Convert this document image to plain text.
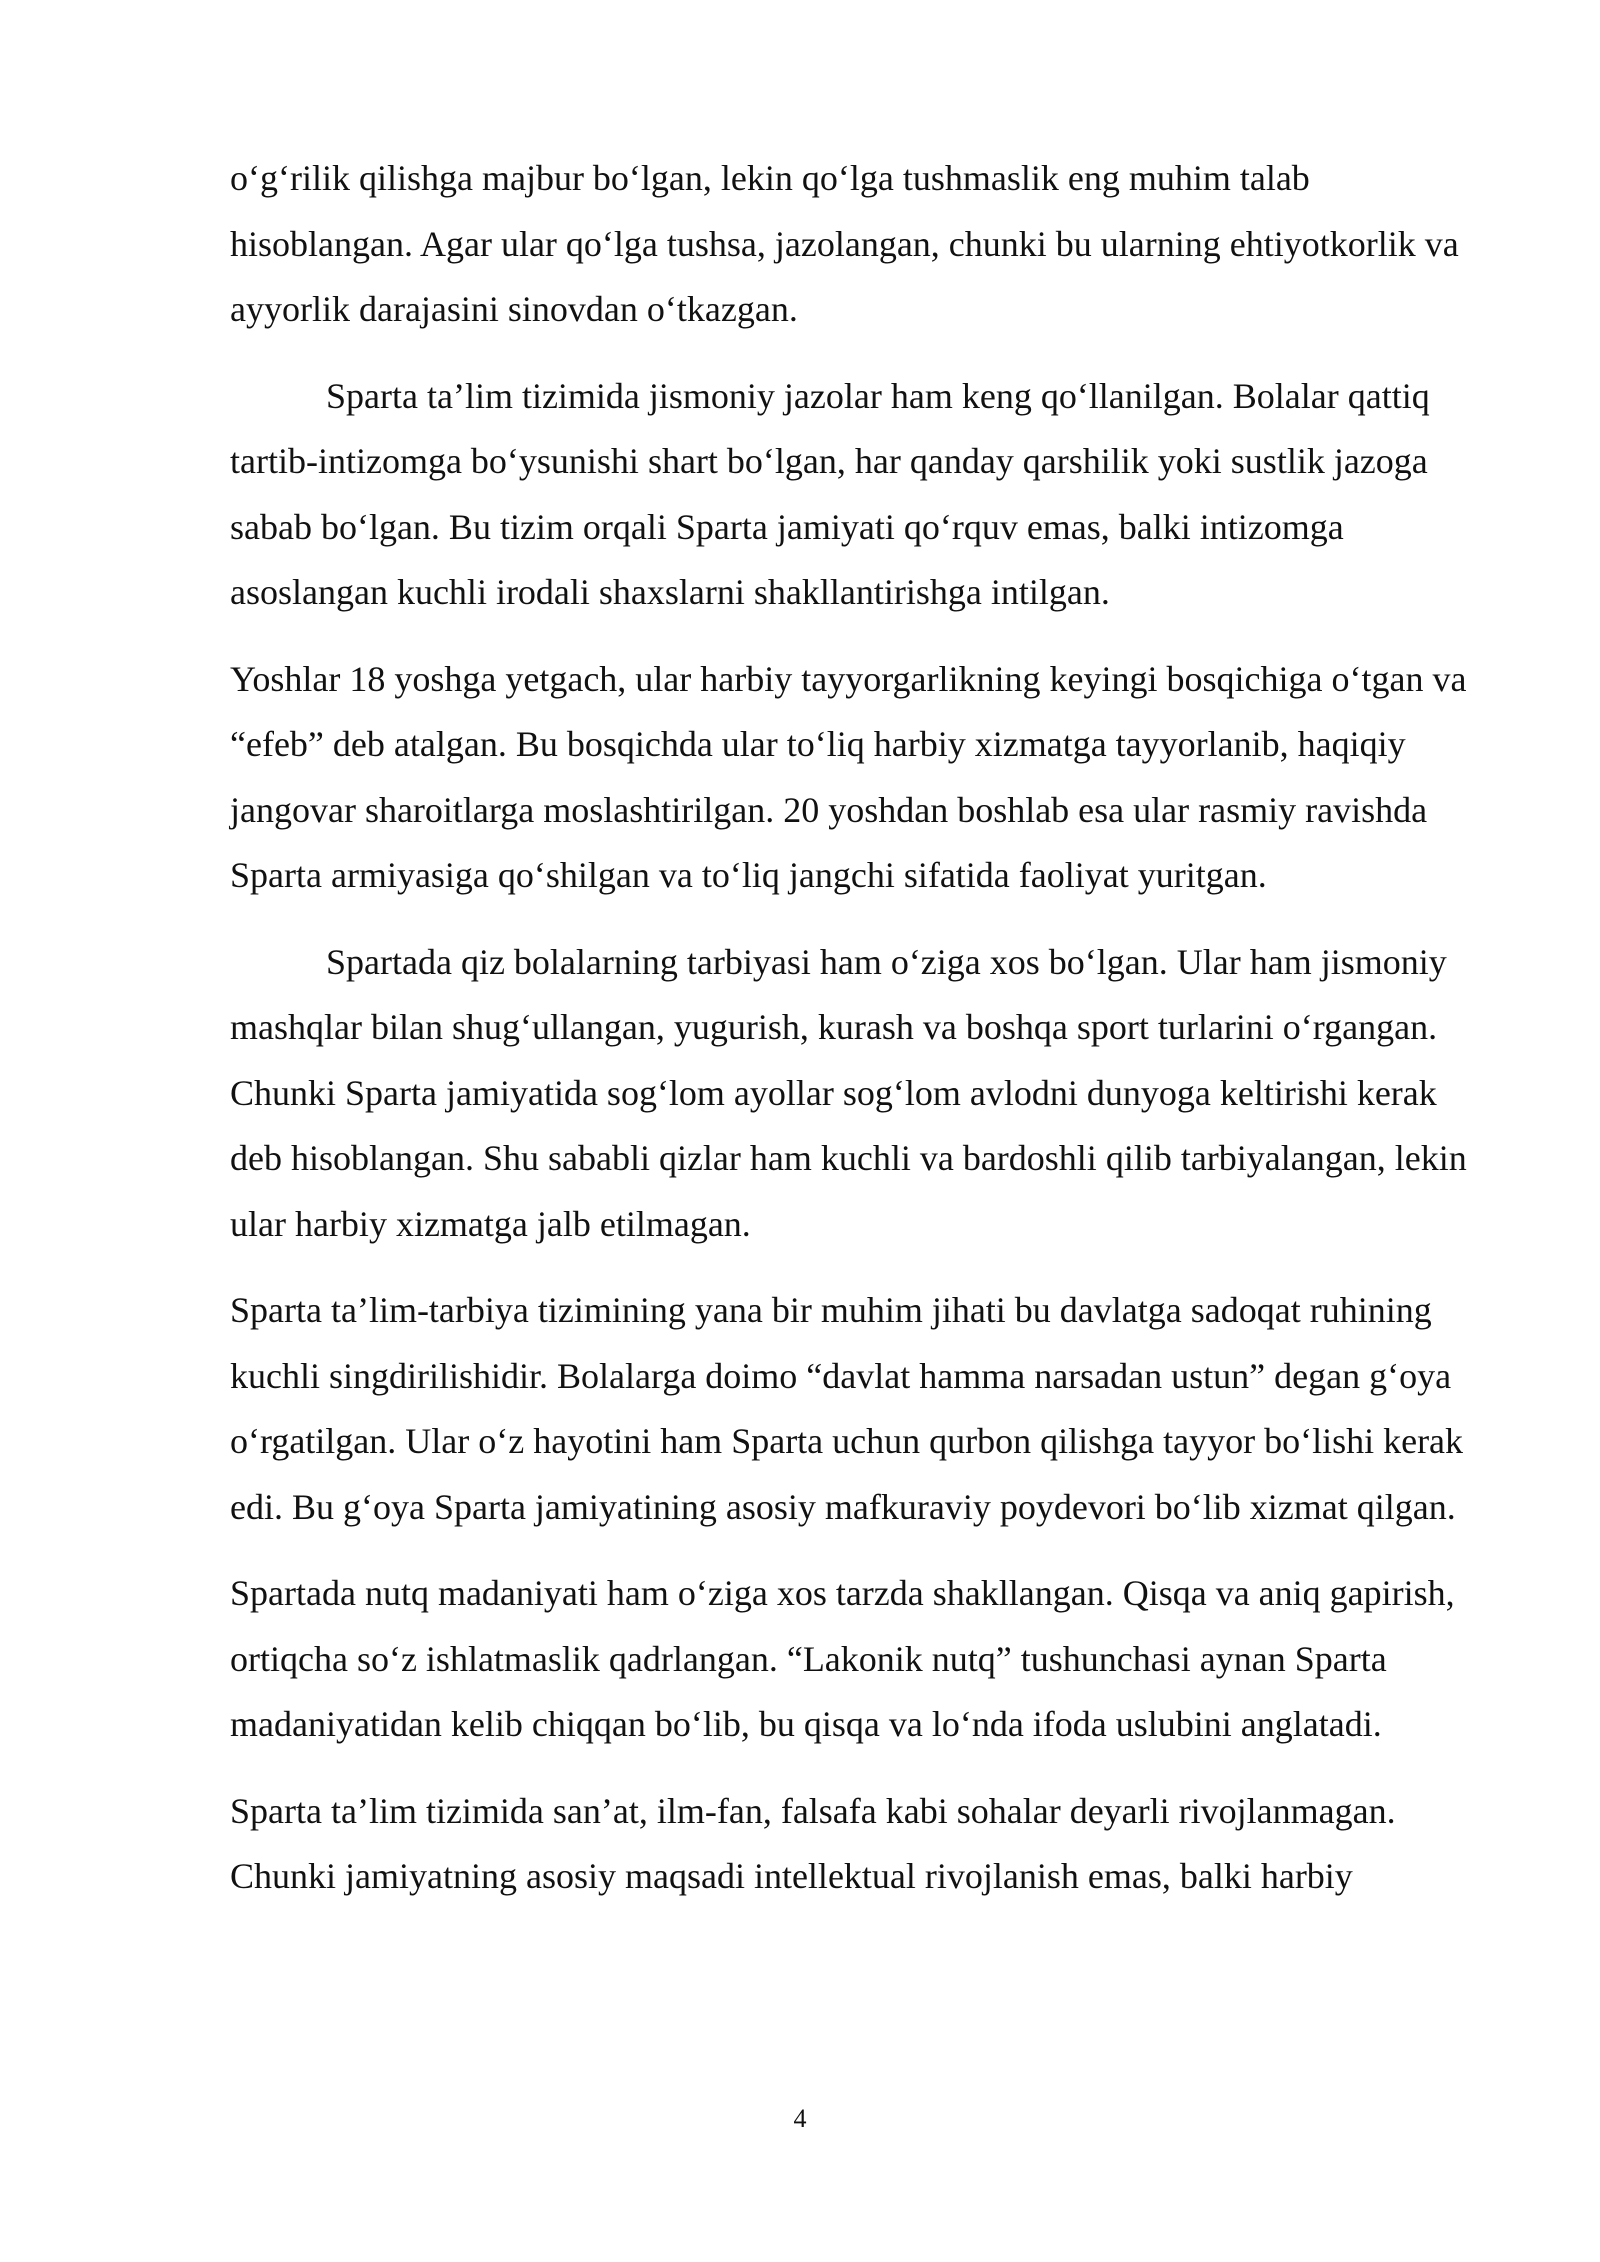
o‘g‘rilik qilishga majbur bo‘lgan, lekin qo‘lga tushmaslik eng muhim talab hisoblangan. Agar ular qo‘lga tushsa, jazolangan, chunki bu ularning ehtiyotkorlik va ayyorlik darajasini sinovdan o‘tkazgan.

Sparta ta’lim tizimida jismoniy jazolar ham keng qo‘llanilgan. Bolalar qattiq tartib-intizomga bo‘ysunishi shart bo‘lgan, har qanday qarshilik yoki sustlik jazoga sabab bo‘lgan. Bu tizim orqali Sparta jamiyati qo‘rquv emas, balki intizomga asoslangan kuchli irodali shaxslarni shakllantirishga intilgan.

Yoshlar 18 yoshga yetgach, ular harbiy tayyorgarlikning keyingi bosqichiga o‘tgan va “efeb” deb atalgan. Bu bosqichda ular to‘liq harbiy xizmatga tayyorlanib, haqiqiy jangovar sharoitlarga moslashtirilgan. 20 yoshdan boshlab esa ular rasmiy ravishda Sparta armiyasiga qo‘shilgan va to‘liq jangchi sifatida faoliyat yuritgan.

Spartada qiz bolalarning tarbiyasi ham o‘ziga xos bo‘lgan. Ular ham jismoniy mashqlar bilan shug‘ullangan, yugurish, kurash va boshqa sport turlarini o‘rgangan. Chunki Sparta jamiyatida sog‘lom ayollar sog‘lom avlodni dunyoga keltirishi kerak deb hisoblangan. Shu sababli qizlar ham kuchli va bardoshli qilib tarbiyalangan, lekin ular harbiy xizmatga jalb etilmagan.

Sparta ta’lim-tarbiya tizimining yana bir muhim jihati bu davlatga sadoqat ruhining kuchli singdirilishidir. Bolalarga doimo “davlat hamma narsadan ustun” degan g‘oya o‘rgatilgan. Ular o‘z hayotini ham Sparta uchun qurbon qilishga tayyor bo‘lishi kerak edi. Bu g‘oya Sparta jamiyatining asosiy mafkuraviy poydevori bo‘lib xizmat qilgan.

Spartada nutq madaniyati ham o‘ziga xos tarzda shakllangan. Qisqa va aniq gapirish, ortiqcha so‘z ishlatmaslik qadrlangan. “Lakonik nutq” tushunchasi aynan Sparta madaniyatidan kelib chiqqan bo‘lib, bu qisqa va lo‘nda ifoda uslubini anglatadi.

Sparta ta’lim tizimida san’at, ilm-fan, falsafa kabi sohalar deyarli rivojlanmagan. Chunki jamiyatning asosiy maqsadi intellektual rivojlanish emas, balki harbiy

4
